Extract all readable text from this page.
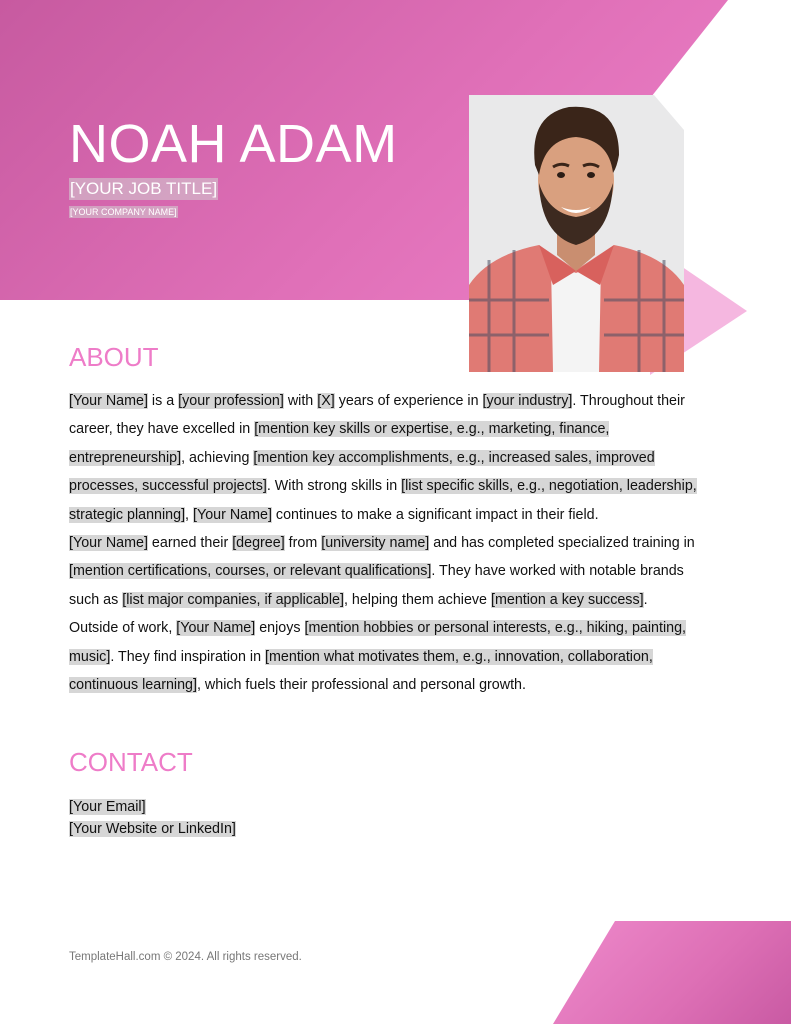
NOAH ADAM
[YOUR JOB TITLE]
[YOUR COMPANY NAME]
ABOUT

[Your Name] is a [your profession] with [X] years of experience in [your industry]. Throughout their career, they have excelled in [mention key skills or expertise, e.g., marketing, finance, entrepreneurship], achieving [mention key accomplishments, e.g., increased sales, improved processes, successful projects]. With strong skills in [list specific skills, e.g., negotiation, leadership, strategic planning], [Your Name] continues to make a significant impact in their field.

[Your Name] earned their [degree] from [university name] and has completed specialized training in [mention certifications, courses, or relevant qualifications]. They have worked with notable brands such as [list major companies, if applicable], helping them achieve [mention a key success].

Outside of work, [Your Name] enjoys [mention hobbies or personal interests, e.g., hiking, painting, music]. They find inspiration in [mention what motivates them, e.g., innovation, collaboration, continuous learning], which fuels their professional and personal growth.

CONTACT
[Your Email]
[Your Website or LinkedIn]
TemplateHall.com © 2024. All rights reserved.
